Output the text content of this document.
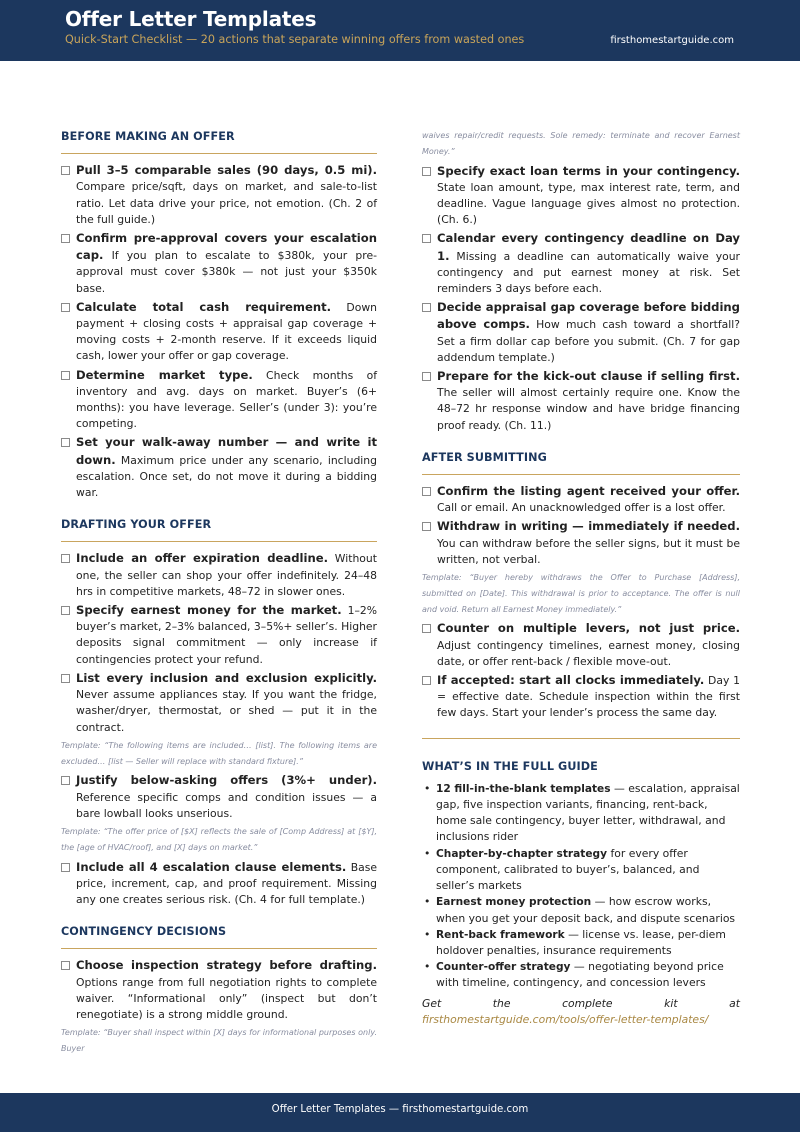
Offer Letter Templates
Quick-Start Checklist — 20 actions that separate winning offers from wasted ones	firsthomestartguide.com
BEFORE MAKING AN OFFER
Pull 3–5 comparable sales (90 days, 0.5 mi). Compare price/sqft, days on market, and sale-to-list ratio. Let data drive your price, not emotion. (Ch. 2 of the full guide.)
Confirm pre-approval covers your escalation cap. If you plan to escalate to $380k, your pre-approval must cover $380k — not just your $350k base.
Calculate total cash requirement. Down payment + closing costs + appraisal gap coverage + moving costs + 2-month reserve. If it exceeds liquid cash, lower your offer or gap coverage.
Determine market type. Check months of inventory and avg. days on market. Buyer’s (6+ months): you have leverage. Seller’s (under 3): you’re competing.
Set your walk-away number — and write it down. Maximum price under any scenario, including escalation. Once set, do not move it during a bidding war.
DRAFTING YOUR OFFER
Include an offer expiration deadline. Without one, the seller can shop your offer indefinitely. 24–48 hrs in competitive markets, 48–72 in slower ones.
Specify earnest money for the market. 1–2% buyer’s market, 2–3% balanced, 3–5%+ seller’s. Higher deposits signal commitment — only increase if contingencies protect your refund.
List every inclusion and exclusion explicitly. Never assume appliances stay. If you want the fridge, washer/dryer, thermostat, or shed — put it in the contract.
Template: “The following items are included… [list]. The following items are excluded… [list — Seller will replace with standard fixture].”
Justify below-asking offers (3%+ under). Reference specific comps and condition issues — a bare lowball looks unserious.
Template: “The offer price of [$X] reflects the sale of [Comp Address] at [$Y], the [age of HVAC/roof], and [X] days on market.”
Include all 4 escalation clause elements. Base price, increment, cap, and proof requirement. Missing any one creates serious risk. (Ch. 4 for full template.)
CONTINGENCY DECISIONS
Choose inspection strategy before drafting. Options range from full negotiation rights to complete waiver. “Informational only” (inspect but don’t renegotiate) is a strong middle ground.
Template: “Buyer shall inspect within [X] days for informational purposes only. Buyer
waives repair/credit requests. Sole remedy: terminate and recover Earnest Money.”
Specify exact loan terms in your contingency. State loan amount, type, max interest rate, term, and deadline. Vague language gives almost no protection. (Ch. 6.)
Calendar every contingency deadline on Day 1. Missing a deadline can automatically waive your contingency and put earnest money at risk. Set reminders 3 days before each.
Decide appraisal gap coverage before bidding above comps. How much cash toward a shortfall? Set a firm dollar cap before you submit. (Ch. 7 for gap addendum template.)
Prepare for the kick-out clause if selling first. The seller will almost certainly require one. Know the 48–72 hr response window and have bridge financing proof ready. (Ch. 11.)
AFTER SUBMITTING
Confirm the listing agent received your offer. Call or email. An unacknowledged offer is a lost offer.
Withdraw in writing — immediately if needed. You can withdraw before the seller signs, but it must be written, not verbal.
Template: “Buyer hereby withdraws the Offer to Purchase [Address], submitted on [Date]. This withdrawal is prior to acceptance. The offer is null and void. Return all Earnest Money immediately.”
Counter on multiple levers, not just price. Adjust contingency timelines, earnest money, closing date, or offer rent-back / flexible move-out.
If accepted: start all clocks immediately. Day 1 = effective date. Schedule inspection within the first few days. Start your lender’s process the same day.
WHAT’S IN THE FULL GUIDE
• 12 fill-in-the-blank templates — escalation, appraisal gap, five inspection variants, financing, rent-back, home sale contingency, buyer letter, withdrawal, and inclusions rider
• Chapter-by-chapter strategy for every offer component, calibrated to buyer’s, balanced, and seller’s markets
• Earnest money protection — how escrow works, when you get your deposit back, and dispute scenarios
• Rent-back framework — license vs. lease, per-diem holdover penalties, insurance requirements
• Counter-offer strategy — negotiating beyond price with timeline, contingency, and concession levers
Get the complete kit at firsthomestartguide.com/tools/offer-letter-templates/
Offer Letter Templates — firsthomestartguide.com
